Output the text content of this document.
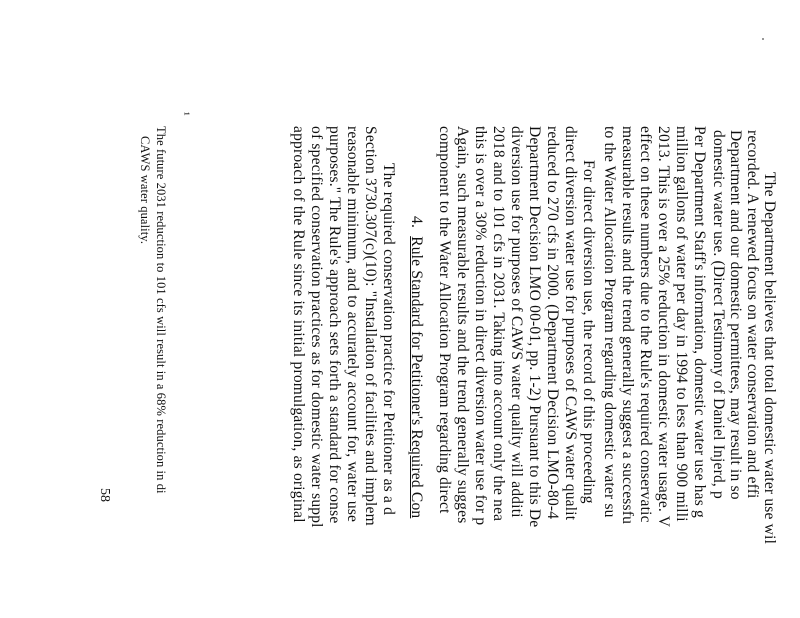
The Department believes that total domestic water use wil
recorded. A renewed focus on water conservation and effi
Department and our domestic permittees, may result in so
domestic water use. (Direct Testimony of Daniel Injerd, p
Per Department Staff's information, domestic water use has g
million gallons of water per day in 1994 to less than 900 milli
2013. This is over a 25% reduction in domestic water usage. V
effect on these numbers due to the Rule's required conservatic
measurable results and the trend generally suggest a successfu
to the Water Allocation Program regarding domestic water su
For direct diversion use, the record of this proceeding
direct diversion water use for purposes of CAWS water qualit
reduced to 270 cfs in 2000. (Department Decision LMO-80-4
Department Decision LMO 00-01, pp. 1-2) Pursuant to this De
diversion use for purposes of CAWS water quality will additi
2018 and to 101 cfs in 2031. Taking into account only the nea
this is over a 30% reduction in direct diversion water use for p
Again, such measurable results and the trend generally sugges
component to the Water Allocation Program regarding direct
4.  Rule Standard for Petitioner's Required Con
The required conservation practice for Petitioner as a d
Section 3730.307(c)(10): "Installation of facilities and implem
reasonable minimum, and to accurately account for, water use
purposes." The Rule's approach sets forth a standard for conse
of specified conservation practices as for domestic water suppl
approach of the Rule since its initial promulgation, as original
¹
The future 2031 reduction to 101 cfs will result in a 68% reduction in di
CAWS water quality.
58
